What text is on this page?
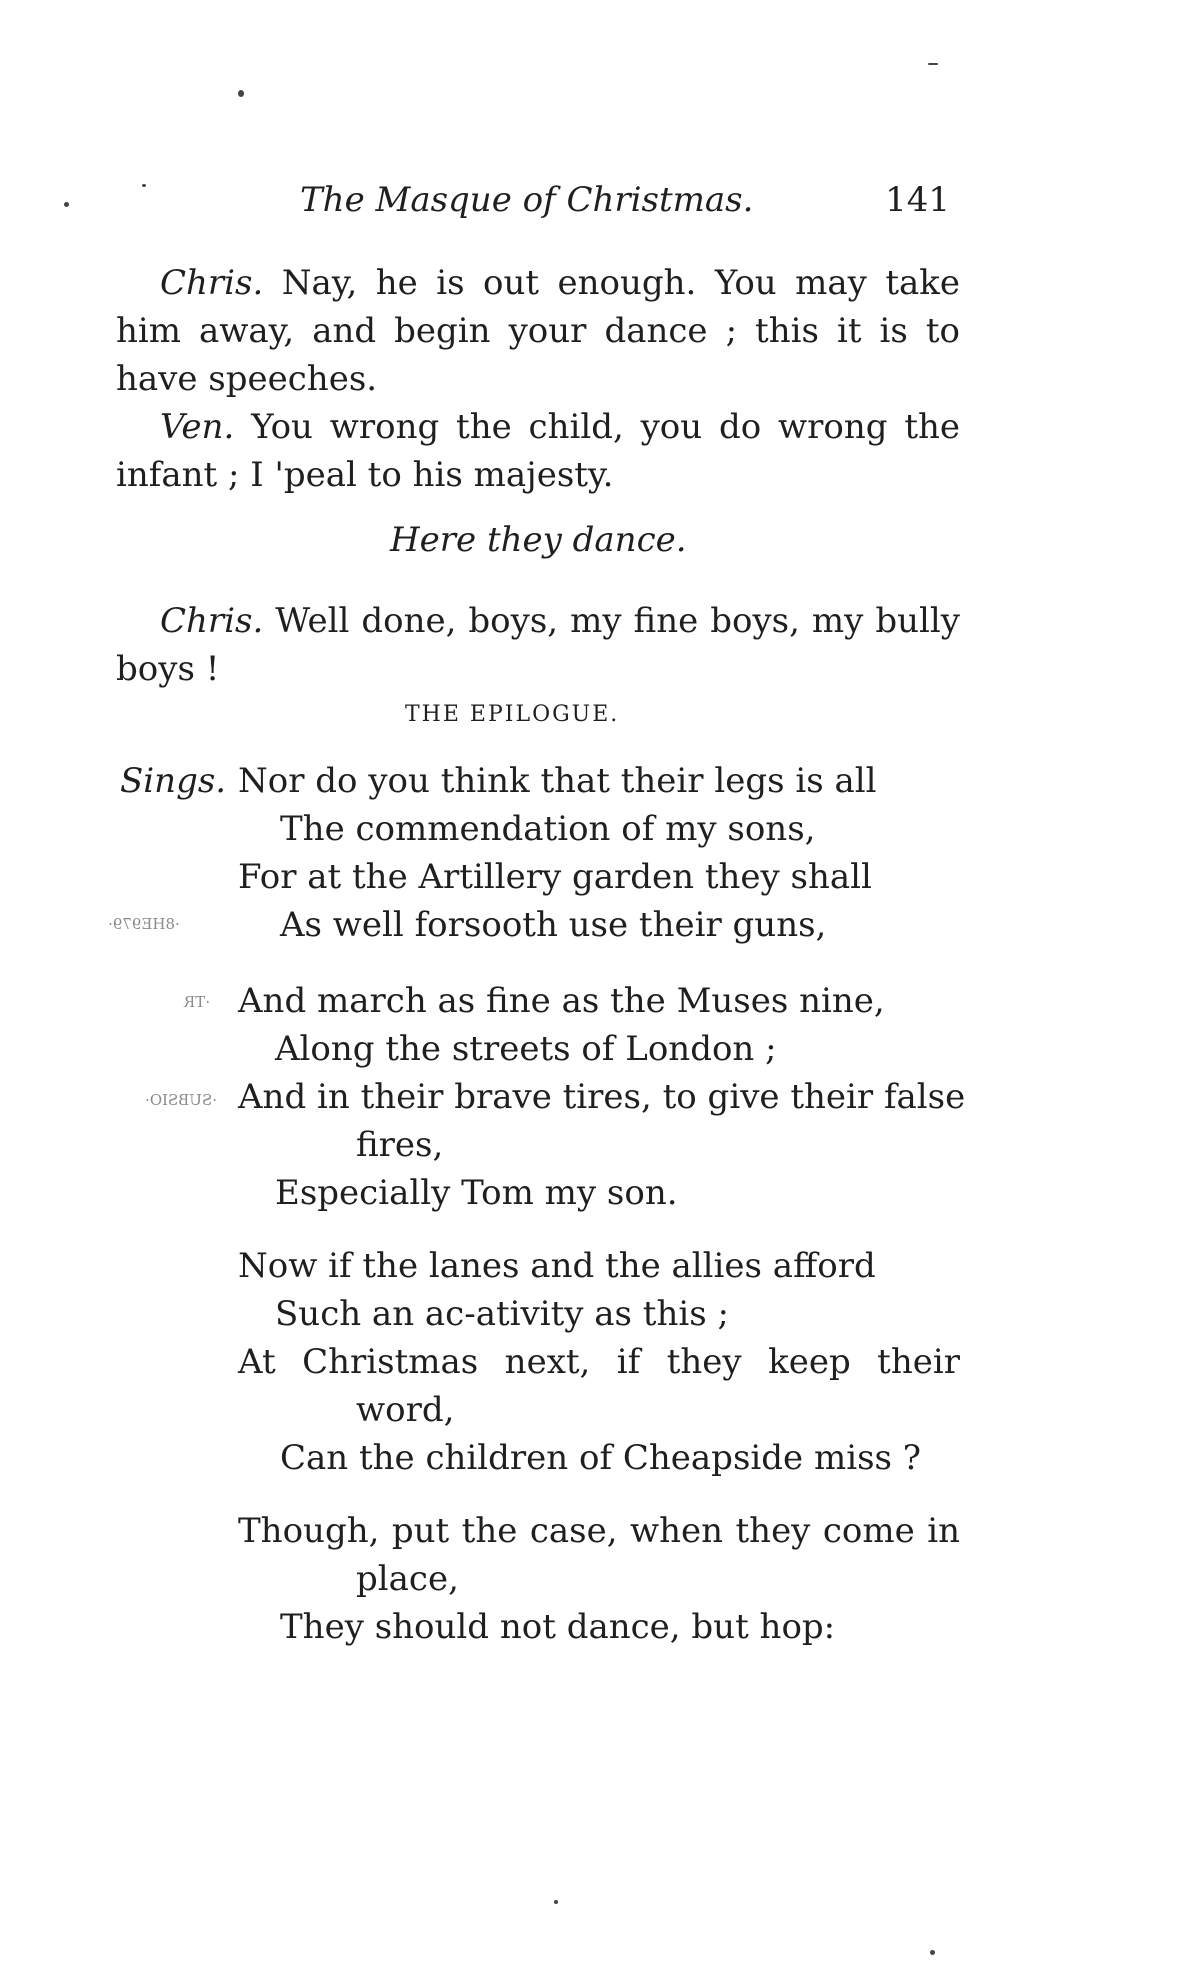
The Masque of Christmas.	141
Chris. Nay, he is out enough. You may take
him away, and begin your dance ; this it is to
have speeches.
Ven. You wrong the child, you do wrong the
infant ; I 'peal to his majesty.
Here they dance.
Chris. Well done, boys, my fine boys, my bully
boys !
THE EPILOGUE.
Sings. Nor do you think that their legs is all
The commendation of my sons,
For at the Artillery garden they shall
As well forsooth use their guns,
·8HE979·
And march as fine as the Muses nine,
·TR
Along the streets of London ;
And in their brave tires, to give their false
·SUBSIO·
fires,
Especially Tom my son.
Now if the lanes and the allies afford
Such an ac-ativity as this ;
At Christmas next, if they keep their
word,
Can the children of Cheapside miss ?
Though, put the case, when they come in
place,
They should not dance, but hop:
